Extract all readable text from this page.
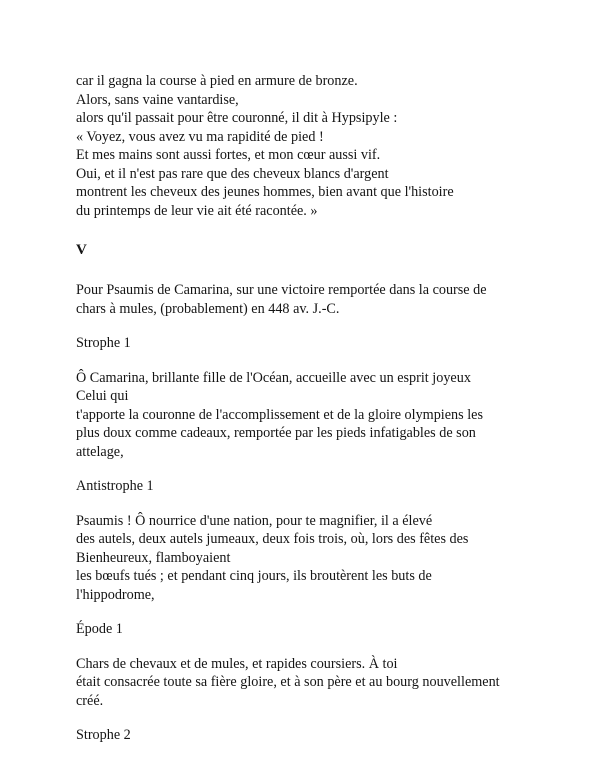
car il gagna la course à pied en armure de bronze.
Alors, sans vaine vantardise,
alors qu'il passait pour être couronné, il dit à Hypsipyle :
« Voyez, vous avez vu ma rapidité de pied !
Et mes mains sont aussi fortes, et mon cœur aussi vif.
Oui, et il n'est pas rare que des cheveux blancs d'argent
montrent les cheveux des jeunes hommes, bien avant que l'histoire
du printemps de leur vie ait été racontée. »
V
Pour Psaumis de Camarina, sur une victoire remportée dans la course de
chars à mules, (probablement) en 448 av. J.-C.
Strophe 1
Ô Camarina, brillante fille de l'Océan, accueille avec un esprit joyeux
Celui qui
t'apporte la couronne de l'accomplissement et de la gloire olympiens les
plus doux comme cadeaux, remportée par les pieds infatigables de son
attelage,
Antistrophe 1
Psaumis ! Ô nourrice d'une nation, pour te magnifier, il a élevé
des autels, deux autels jumeaux, deux fois trois, où, lors des fêtes des
Bienheureux, flamboyaient
les bœufs tués ; et pendant cinq jours, ils broutèrent les buts de
l'hippodrome,
Épode 1
Chars de chevaux et de mules, et rapides coursiers. À toi
était consacrée toute sa fière gloire, et à son père et au bourg nouvellement
créé.
Strophe 2
